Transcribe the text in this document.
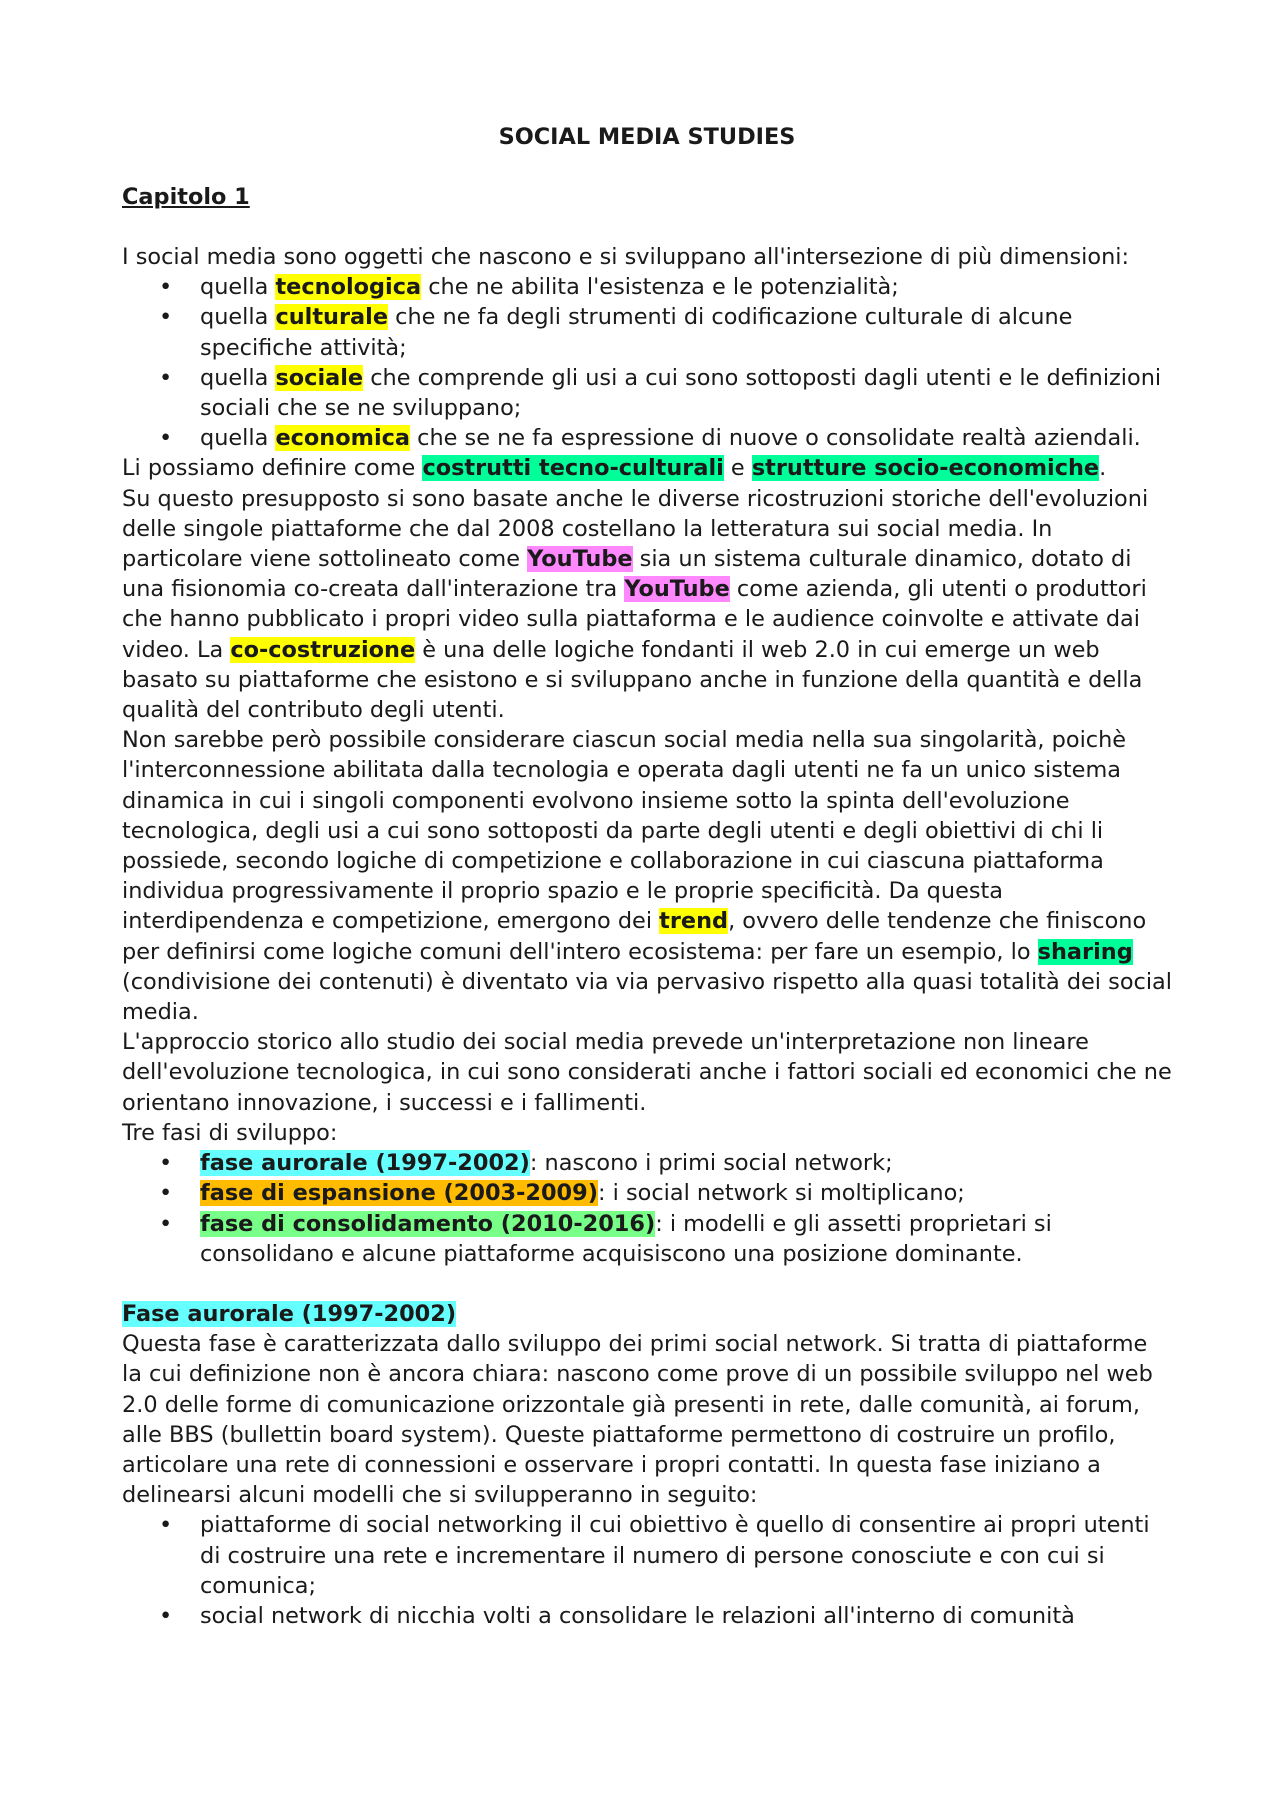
SOCIAL MEDIA STUDIES
Capitolo 1

I social media sono oggetti che nascono e si sviluppano all'intersezione di più dimensioni:

• quella tecnologica che ne abilita l'esistenza e le potenzialità;
• quella culturale che ne fa degli strumenti di codificazione culturale di alcune specifiche attività;
• quella sociale che comprende gli usi a cui sono sottoposti dagli utenti e le definizioni sociali che se ne sviluppano;
• quella economica che se ne fa espressione di nuove o consolidate realtà aziendali.

Li possiamo definire come costrutti tecno-culturali e strutture socio-economiche.

Su questo presupposto si sono basate anche le diverse ricostruzioni storiche dell'evoluzioni delle singole piattaforme che dal 2008 costellano la letteratura sui social media. In particolare viene sottolineato come YouTube sia un sistema culturale dinamico, dotato di una fisionomia co-creata dall'interazione tra YouTube come azienda, gli utenti o produttori che hanno pubblicato i propri video sulla piattaforma e le audience coinvolte e attivate dai video. La co-costruzione è una delle logiche fondanti il web 2.0 in cui emerge un web basato su piattaforme che esistono e si sviluppano anche in funzione della quantità e della qualità del contributo degli utenti.

Non sarebbe però possibile considerare ciascun social media nella sua singolarità, poichè l'interconnessione abilitata dalla tecnologia e operata dagli utenti ne fa un unico sistema dinamica in cui i singoli componenti evolvono insieme sotto la spinta dell'evoluzione tecnologica, degli usi a cui sono sottoposti da parte degli utenti e degli obiettivi di chi li possiede, secondo logiche di competizione e collaborazione in cui ciascuna piattaforma individua progressivamente il proprio spazio e le proprie specificità. Da questa interdipendenza e competizione, emergono dei trend, ovvero delle tendenze che finiscono per definirsi come logiche comuni dell'intero ecosistema: per fare un esempio, lo sharing (condivisione dei contenuti) è diventato via via pervasivo rispetto alla quasi totalità dei social media.

L'approccio storico allo studio dei social media prevede un'interpretazione non lineare dell'evoluzione tecnologica, in cui sono considerati anche i fattori sociali ed economici che ne orientano innovazione, i successi e i fallimenti.

Tre fasi di sviluppo:

• fase aurorale (1997-2002): nascono i primi social network;
• fase di espansione (2003-2009): i social network si moltiplicano;
• fase di consolidamento (2010-2016): i modelli e gli assetti proprietari si consolidano e alcune piattaforme acquisiscono una posizione dominante.
Fase aurorale (1997-2002)

Questa fase è caratterizzata dallo sviluppo dei primi social network. Si tratta di piattaforme la cui definizione non è ancora chiara: nascono come prove di un possibile sviluppo nel web 2.0 delle forme di comunicazione orizzontale già presenti in rete, dalle comunità, ai forum, alle BBS (bullettin board system). Queste piattaforme permettono di costruire un profilo, articolare una rete di connessioni e osservare i propri contatti. In questa fase iniziano a delinearsi alcuni modelli che si svilupperanno in seguito:

• piattaforme di social networking il cui obiettivo è quello di consentire ai propri utenti di costruire una rete e incrementare il numero di persone conosciute e con cui si comunica;
• social network di nicchia volti a consolidare le relazioni all'interno di comunità
